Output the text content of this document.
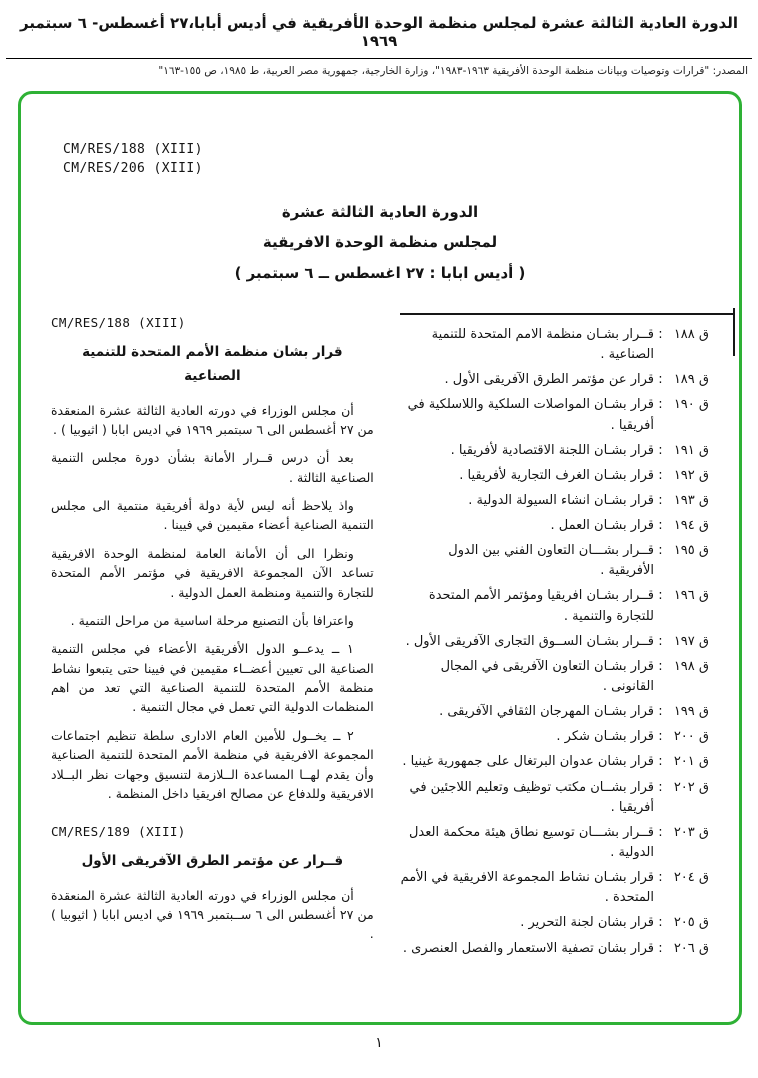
الدورة العادية الثالثة عشرة لمجلس منظمة الوحدة الأفريقية في أديس أبابا،٢٧ أغسطس- ٦ سبتمبر ١٩٦٩
المصدر: "قرارات وتوصيات وبيانات منظمة الوحدة الأفريقية ١٩٦٣-١٩٨٣"، وزارة الخارجية، جمهورية مصر العربية، ط ١٩٨٥، ص ١٥٥-١٦٣"
CM/RES/188 (XIII)
CM/RES/206 (XIII)
الدورة العادية الثالثة عشرة
لمجلس منظمة الوحدة الافريقية
( أديس ابابا : ٢٧ اغسطس ــ ٦ سبتمبر )
ق ١٨٨
:
قــرار بشـان منظمة الامم المتحدة للتنمية الصناعية .
ق ١٨٩
:
قرار عن مؤتمر الطرق الآفريقى الأول .
ق ١٩٠
:
قرار بشـان المواصلات السلكية واللاسلكية في أفريقيا .
ق ١٩١
:
قرار بشـان اللجنة الاقتصادية لأفريقيا .
ق ١٩٢
:
قرار بشـان الغرف التجارية لأفريقيا .
ق ١٩٣
:
قرار بشـان انشاء السيولة الدولية .
ق ١٩٤
:
قرار بشـان العمل .
ق ١٩٥
:
قــرار بشـــان التعاون الفني بين الدول الأفريقية .
ق ١٩٦
:
قــرار بشـان افريقيا ومؤتمر الأمم المتحدة للتجارة والتنمية .
ق ١٩٧
:
قــرار بشـان الســوق التجارى الآفريقى الأول .
ق ١٩٨
:
قرار بشـان التعاون الآفريقى في المجال القانونى .
ق ١٩٩
:
قرار بشـان المهرجان الثقافي الآفريقى .
ق ٢٠٠
:
قرار بشـان شكر .
ق ٢٠١
:
قرار بشان عدوان البرتغال على جمهورية غينيا .
ق ٢٠٢
:
قرار بشــان مكتب توظيف وتعليم اللاجئين في أفريقيا .
ق ٢٠٣
:
قــرار بشـــان توسيع نطاق هيئة محكمة العدل الدولية .
ق ٢٠٤
:
قرار بشـان نشاط المجموعة الافريقية في الأمم المتحدة .
ق ٢٠٥
:
قرار بشان لجنة التحرير .
ق ٢٠٦
:
قرار بشان تصفية الاستعمار والفصل العنصرى .
CM/RES/188 (XIII)
قرار بشان منظمة الأمم المتحدة للتنمية الصناعية

أن مجلس الوزراء في دورته العادية الثالثة عشرة المنعقدة من ٢٧ أغسطس الى ٦ سبتمبر ١٩٦٩ في اديس ابابا ( اثيوبيا ) .

بعد أن درس قــرار الأمانة بشأن دورة مجلس التنمية الصناعية الثالثة .

واذ يلاحظ أنه ليس لأية دولة أفريقية منتمية الى مجلس التنمية الصناعية أعضاء مقيمين في فيينا .

ونظرا الى أن الأمانة العامة لمنظمة الوحدة الافريقية تساعد الآن المجموعة الافريقية في مؤتمر الأمم المتحدة للتجارة والتنمية ومنظمة العمل الدولية .

واعترافا بأن التصنيع مرحلة اساسية من مراحل التنمية .

١ ــ يدعــو الدول الأفريقية الأعضاء في مجلس التنمية الصناعية الى تعيين أعضــاء مقيمين في فيينا حتى يتبعوا نشاط منظمة الأمم المتحدة للتنمية الصناعية التي تعد من اهم المنظمات الدولية التي تعمل في مجال التنمية .

٢ ــ يخــول للأمين العام الادارى سلطة تنظيم اجتماعات المجموعة الافريقية في منظمة الأمم المتحدة للتنمية الصناعية وأن يقدم لهــا المساعدة الــلازمة لتنسيق وجهات نظر البــلاد الافريقية وللدفاع عن مصالح افريقيا داخل المنظمة .

CM/RES/189 (XIII)
قــرار عن مؤتمر الطرق الآفريقى الأول

أن مجلس الوزراء في دورته العادية الثالثة عشرة المنعقدة من ٢٧ أغسطس الى ٦ ســبتمبر ١٩٦٩ في اديس ابابا ( اثيوبيا ) .

١
